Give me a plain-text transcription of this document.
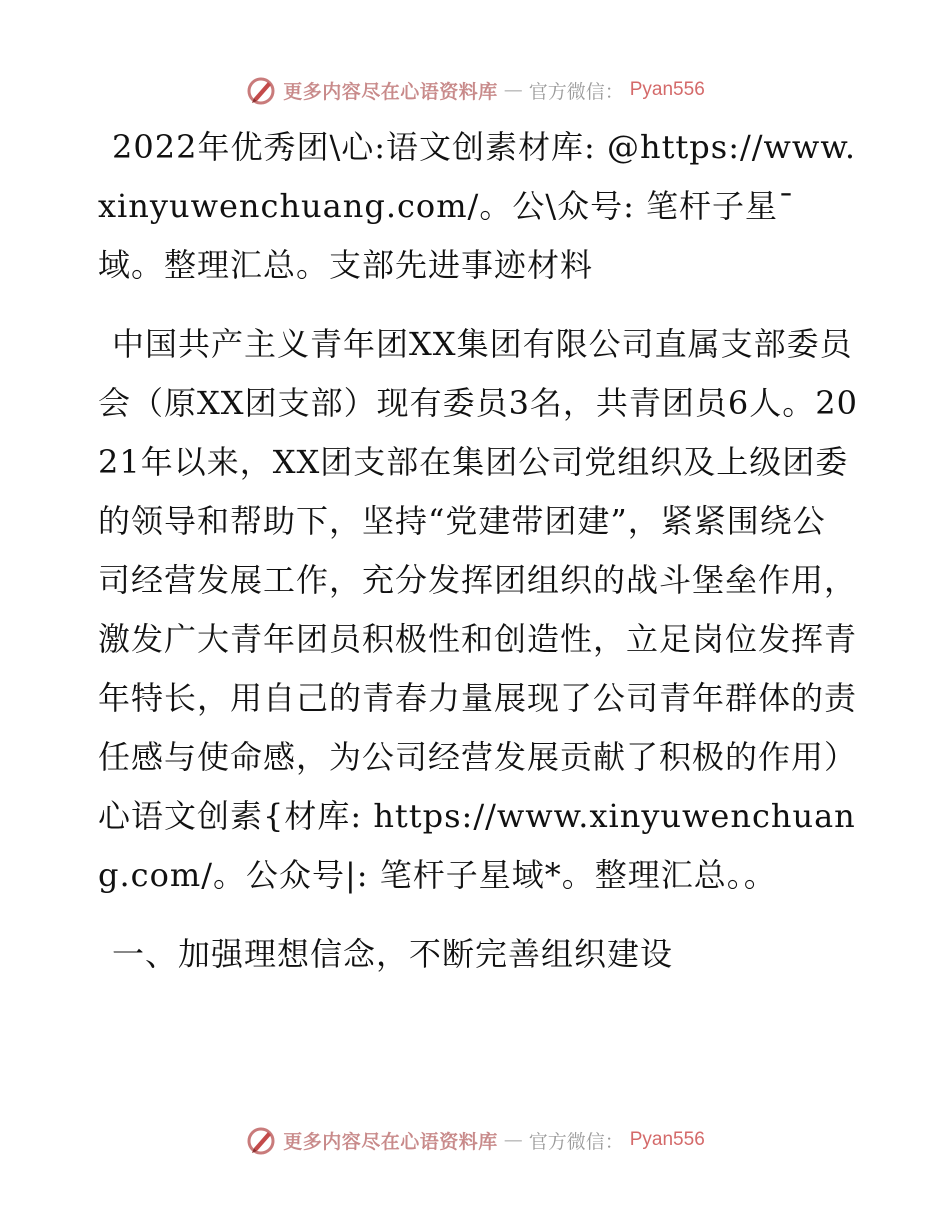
更多内容尽在心语资料库 — 官方微信： Pyan556

2022年优秀团\心:语文创素材库: @https://www.xinyuwenchuang.com/。公\众号: 笔杆子星¯域。整理汇总。支部先进事迹材料

中国共产主义青年团XX集团有限公司直属支部委员会（原XX团支部）现有委员3名，共青团员6人。2021年以来，XX团支部在集团公司党组织及上级团委的领导和帮助下，坚持“党建带团建”，紧紧围绕公司经营发展工作，充分发挥团组织的战斗堡垒作用，激发广大青年团员积极性和创造性，立足岗位发挥青年特长，用自己的青春力量展现了公司青年群体的责任感与使命感，为公司经营发展贡献了积极的作用）心语文创素{材库: https://www.xinyuwenchuang.com/。公众号|: 笔杆子星域*。整理汇总。。

一、加强理想信念，不断完善组织建设

更多内容尽在心语资料库 — 官方微信： Pyan556
